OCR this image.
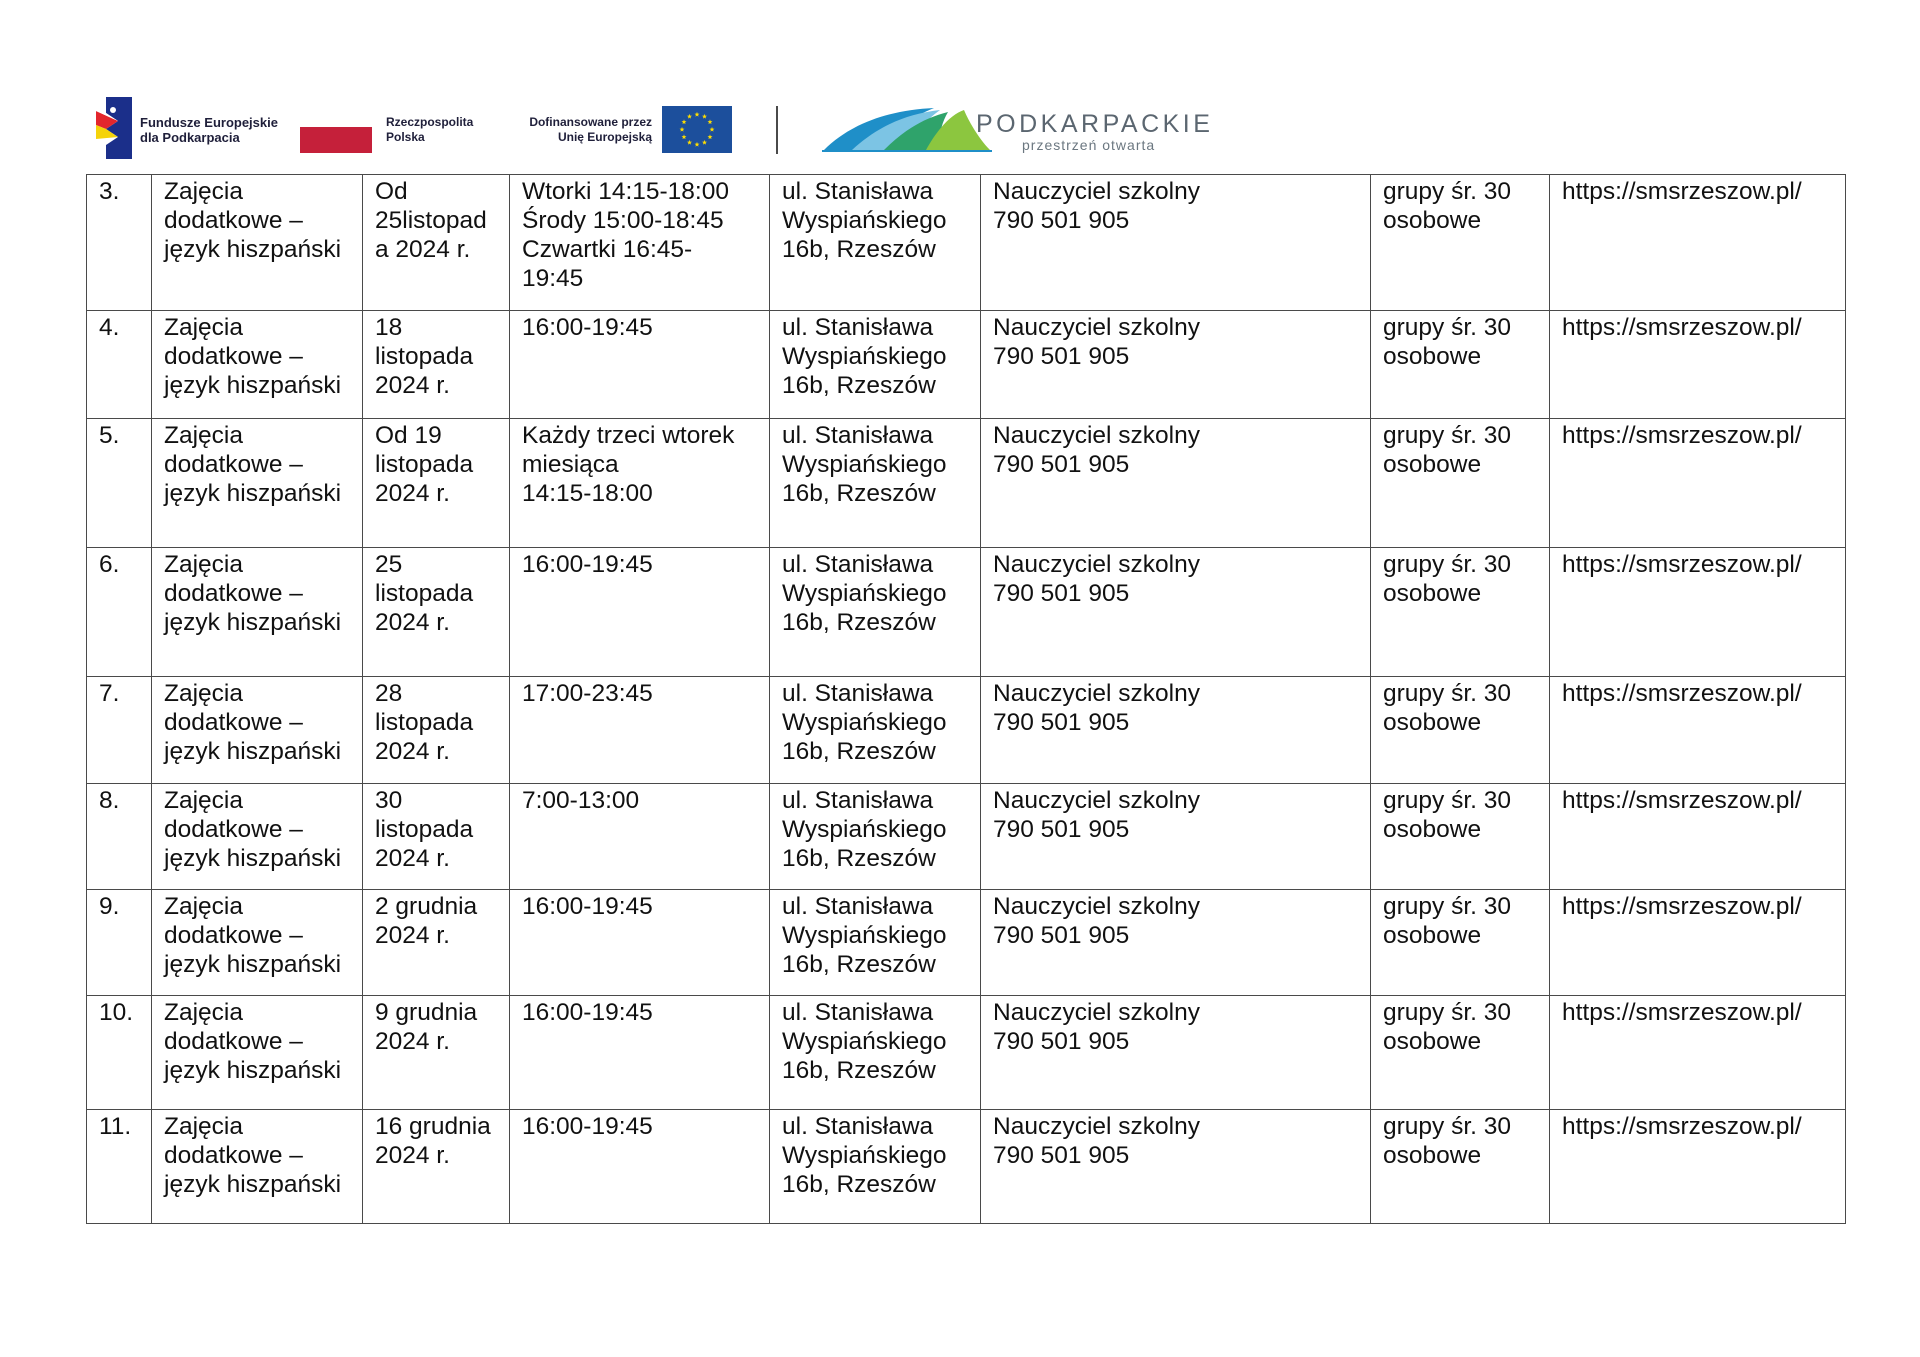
Fundusze Europejskie
dla Podkarpacia
Rzeczpospolita
Polska
Dofinansowane przez
Unię Europejską	PODKARPACKIE
przestrzeń otwarta
3.	Zajęcia
dodatkowe –
język hiszpański	Od
25listopad
a 2024 r.	Wtorki 14:15-18:00
Środy 15:00-18:45
Czwartki 16:45-
19:45	ul. Stanisława
Wyspiańskiego
16b, Rzeszów	Nauczyciel szkolny
790 501 905	grupy śr. 30
osobowe	https://smsrzeszow.pl/

4.	Zajęcia
dodatkowe –
język hiszpański	18
listopada
2024 r.	16:00-19:45	ul. Stanisława
Wyspiańskiego
16b, Rzeszów	Nauczyciel szkolny
790 501 905	grupy śr. 30
osobowe	https://smsrzeszow.pl/

5.	Zajęcia
dodatkowe –
język hiszpański	Od 19
listopada
2024 r.	Każdy trzeci wtorek
miesiąca
14:15-18:00	ul. Stanisława
Wyspiańskiego
16b, Rzeszów	Nauczyciel szkolny
790 501 905	grupy śr. 30
osobowe	https://smsrzeszow.pl/

6.	Zajęcia
dodatkowe –
język hiszpański	25
listopada
2024 r.	16:00-19:45	ul. Stanisława
Wyspiańskiego
16b, Rzeszów	Nauczyciel szkolny
790 501 905	grupy śr. 30
osobowe	https://smsrzeszow.pl/

7.	Zajęcia
dodatkowe –
język hiszpański	28
listopada
2024 r.	17:00-23:45	ul. Stanisława
Wyspiańskiego
16b, Rzeszów	Nauczyciel szkolny
790 501 905	grupy śr. 30
osobowe	https://smsrzeszow.pl/

8.	Zajęcia
dodatkowe –
język hiszpański	30
listopada
2024 r.	7:00-13:00	ul. Stanisława
Wyspiańskiego
16b, Rzeszów	Nauczyciel szkolny
790 501 905	grupy śr. 30
osobowe	https://smsrzeszow.pl/

9.	Zajęcia
dodatkowe –
język hiszpański	2 grudnia
2024 r.	16:00-19:45	ul. Stanisława
Wyspiańskiego
16b, Rzeszów	Nauczyciel szkolny
790 501 905	grupy śr. 30
osobowe	https://smsrzeszow.pl/

10.	Zajęcia
dodatkowe –
język hiszpański	9 grudnia
2024 r.	16:00-19:45	ul. Stanisława
Wyspiańskiego
16b, Rzeszów	Nauczyciel szkolny
790 501 905	grupy śr. 30
osobowe	https://smsrzeszow.pl/

11.	Zajęcia
dodatkowe –
język hiszpański	16 grudnia
2024 r.	16:00-19:45	ul. Stanisława
Wyspiańskiego
16b, Rzeszów	Nauczyciel szkolny
790 501 905	grupy śr. 30
osobowe	https://smsrzeszow.pl/
